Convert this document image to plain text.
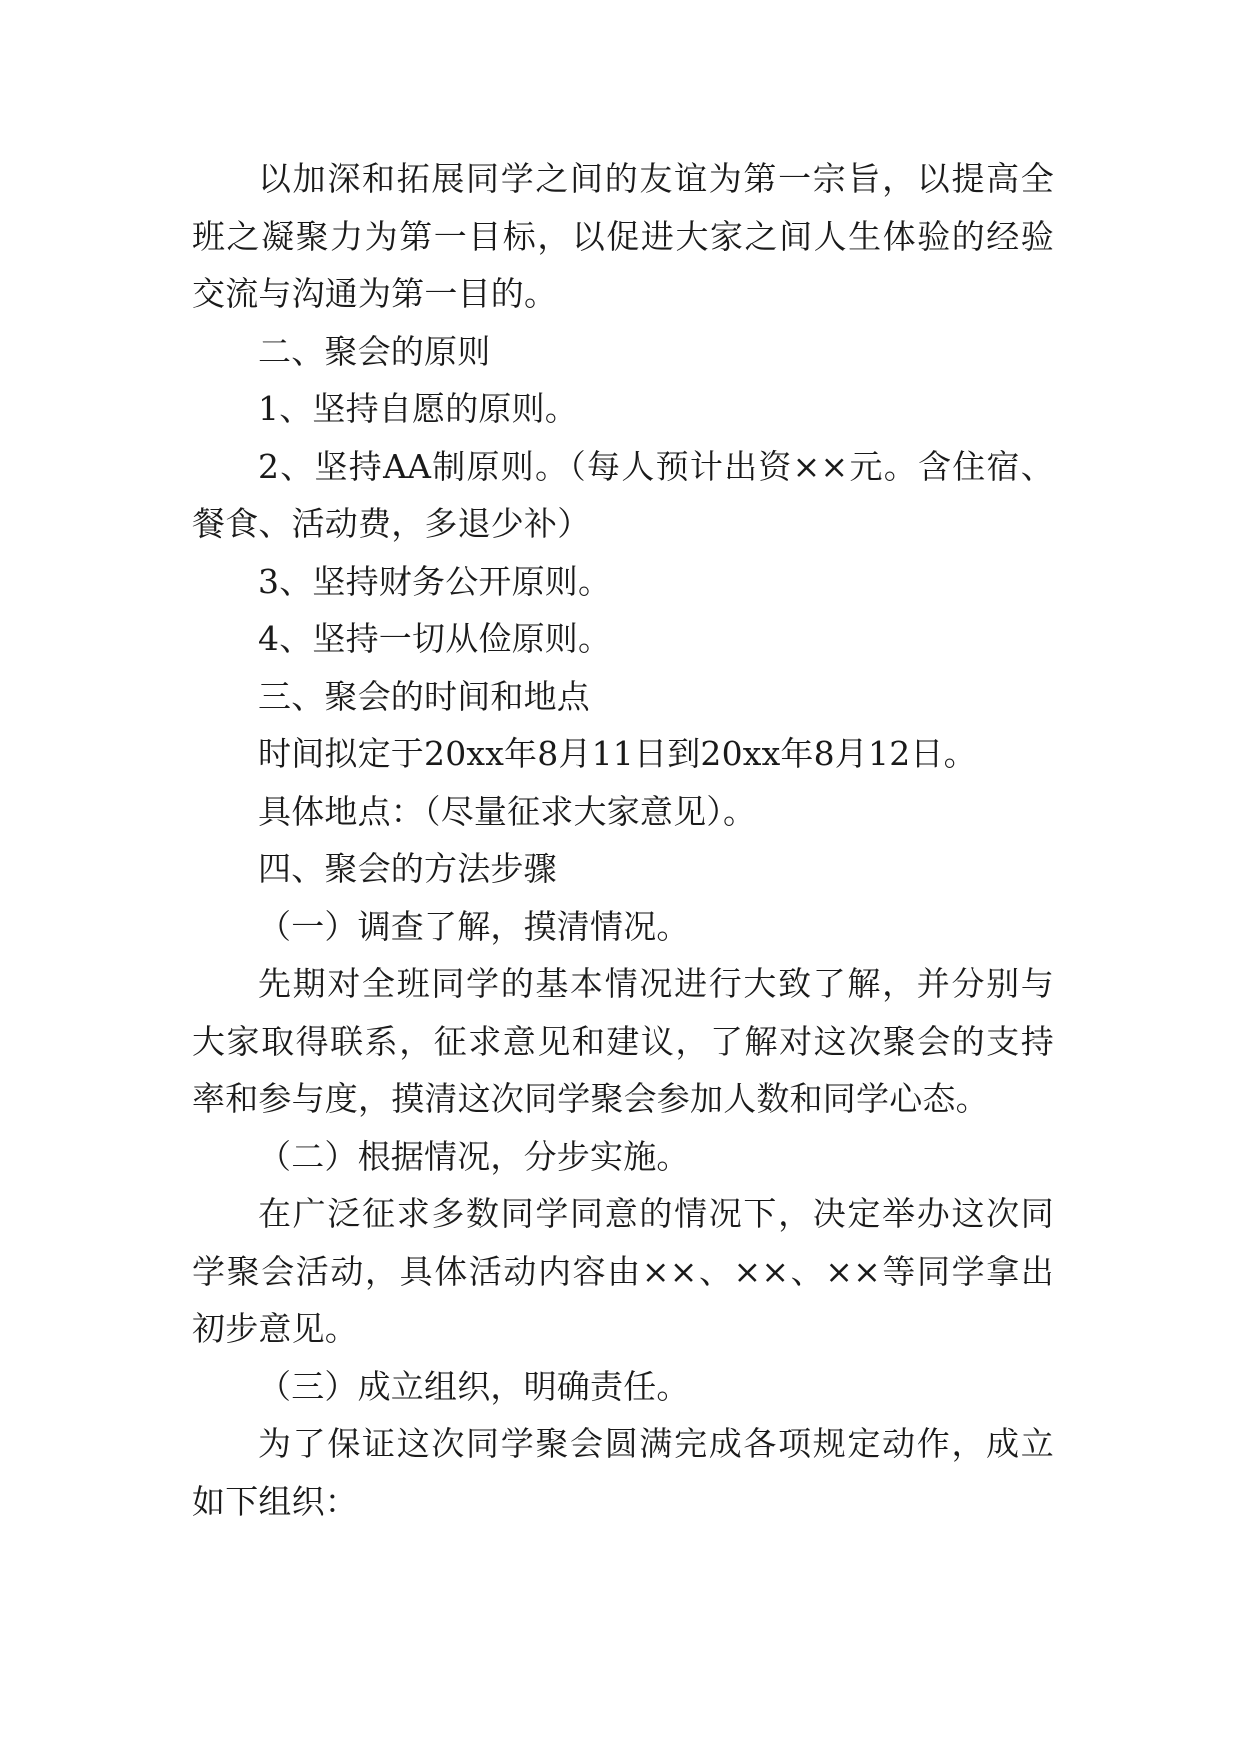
以加深和拓展同学之间的友谊为第一宗旨，以提高全班之凝聚力为第一目标，以促进大家之间人生体验的经验交流与沟通为第一目的。

二、聚会的原则

1、坚持自愿的原则。

2、坚持AA制原则。（每人预计出资××元。含住宿、餐食、活动费，多退少补）

3、坚持财务公开原则。

4、坚持一切从俭原则。

三、聚会的时间和地点

时间拟定于20xx年8月11日到20xx年8月12日。

具体地点：（尽量征求大家意见）。

四、聚会的方法步骤

（一）调查了解，摸清情况。

先期对全班同学的基本情况进行大致了解，并分别与大家取得联系，征求意见和建议，了解对这次聚会的支持率和参与度，摸清这次同学聚会参加人数和同学心态。

（二）根据情况，分步实施。

在广泛征求多数同学同意的情况下，决定举办这次同学聚会活动，具体活动内容由××、××、××等同学拿出初步意见。

（三）成立组织，明确责任。

为了保证这次同学聚会圆满完成各项规定动作，成立如下组织：
